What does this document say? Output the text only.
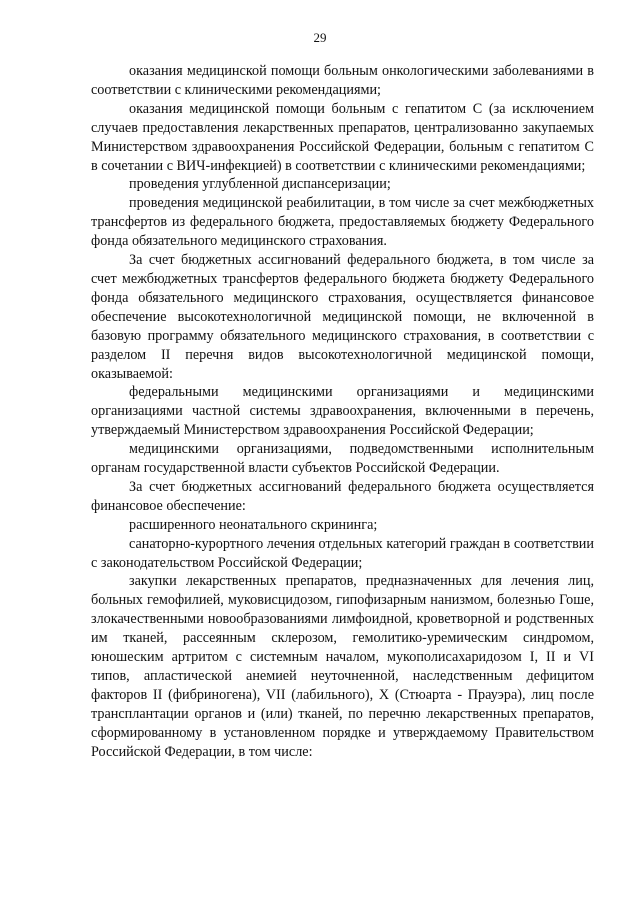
29

оказания медицинской помощи больным онкологическими заболеваниями в соответствии с клиническими рекомендациями;

оказания медицинской помощи больным с гепатитом С (за исключением случаев предоставления лекарственных препаратов, централизованно закупаемых Министерством здравоохранения Российской Федерации, больным с гепатитом С в сочетании с ВИЧ-инфекцией) в соответствии с клиническими рекомендациями;

проведения углубленной диспансеризации;

проведения медицинской реабилитации, в том числе за счет межбюджетных трансфертов из федерального бюджета, предоставляемых бюджету Федерального фонда обязательного медицинского страхования.

За счет бюджетных ассигнований федерального бюджета, в том числе за счет межбюджетных трансфертов федерального бюджета бюджету Федерального фонда обязательного медицинского страхования, осуществляется финансовое обеспечение высокотехнологичной медицинской помощи, не включенной в базовую программу обязательного медицинского страхования, в соответствии с разделом II перечня видов высокотехнологичной медицинской помощи, оказываемой:

федеральными медицинскими организациями и медицинскими организациями частной системы здравоохранения, включенными в перечень, утверждаемый Министерством здравоохранения Российской Федерации;

медицинскими организациями, подведомственными исполнительным органам государственной власти субъектов Российской Федерации.

За счет бюджетных ассигнований федерального бюджета осуществляется финансовое обеспечение:

расширенного неонатального скрининга;

санаторно-курортного лечения отдельных категорий граждан в соответствии с законодательством Российской Федерации;

закупки лекарственных препаратов, предназначенных для лечения лиц, больных гемофилией, муковисцидозом, гипофизарным нанизмом, болезнью Гоше, злокачественными новообразованиями лимфоидной, кроветворной и родственных им тканей, рассеянным склерозом, гемолитико-уремическим синдромом, юношеским артритом с системным началом, мукополисахаридозом I, II и VI типов, апластической анемией неуточненной, наследственным дефицитом факторов II (фибриногена), VII (лабильного), X (Стюарта - Прауэра), лиц после трансплантации органов и (или) тканей, по перечню лекарственных препаратов, сформированному в установленном порядке и утверждаемому Правительством Российской Федерации, в том числе:
